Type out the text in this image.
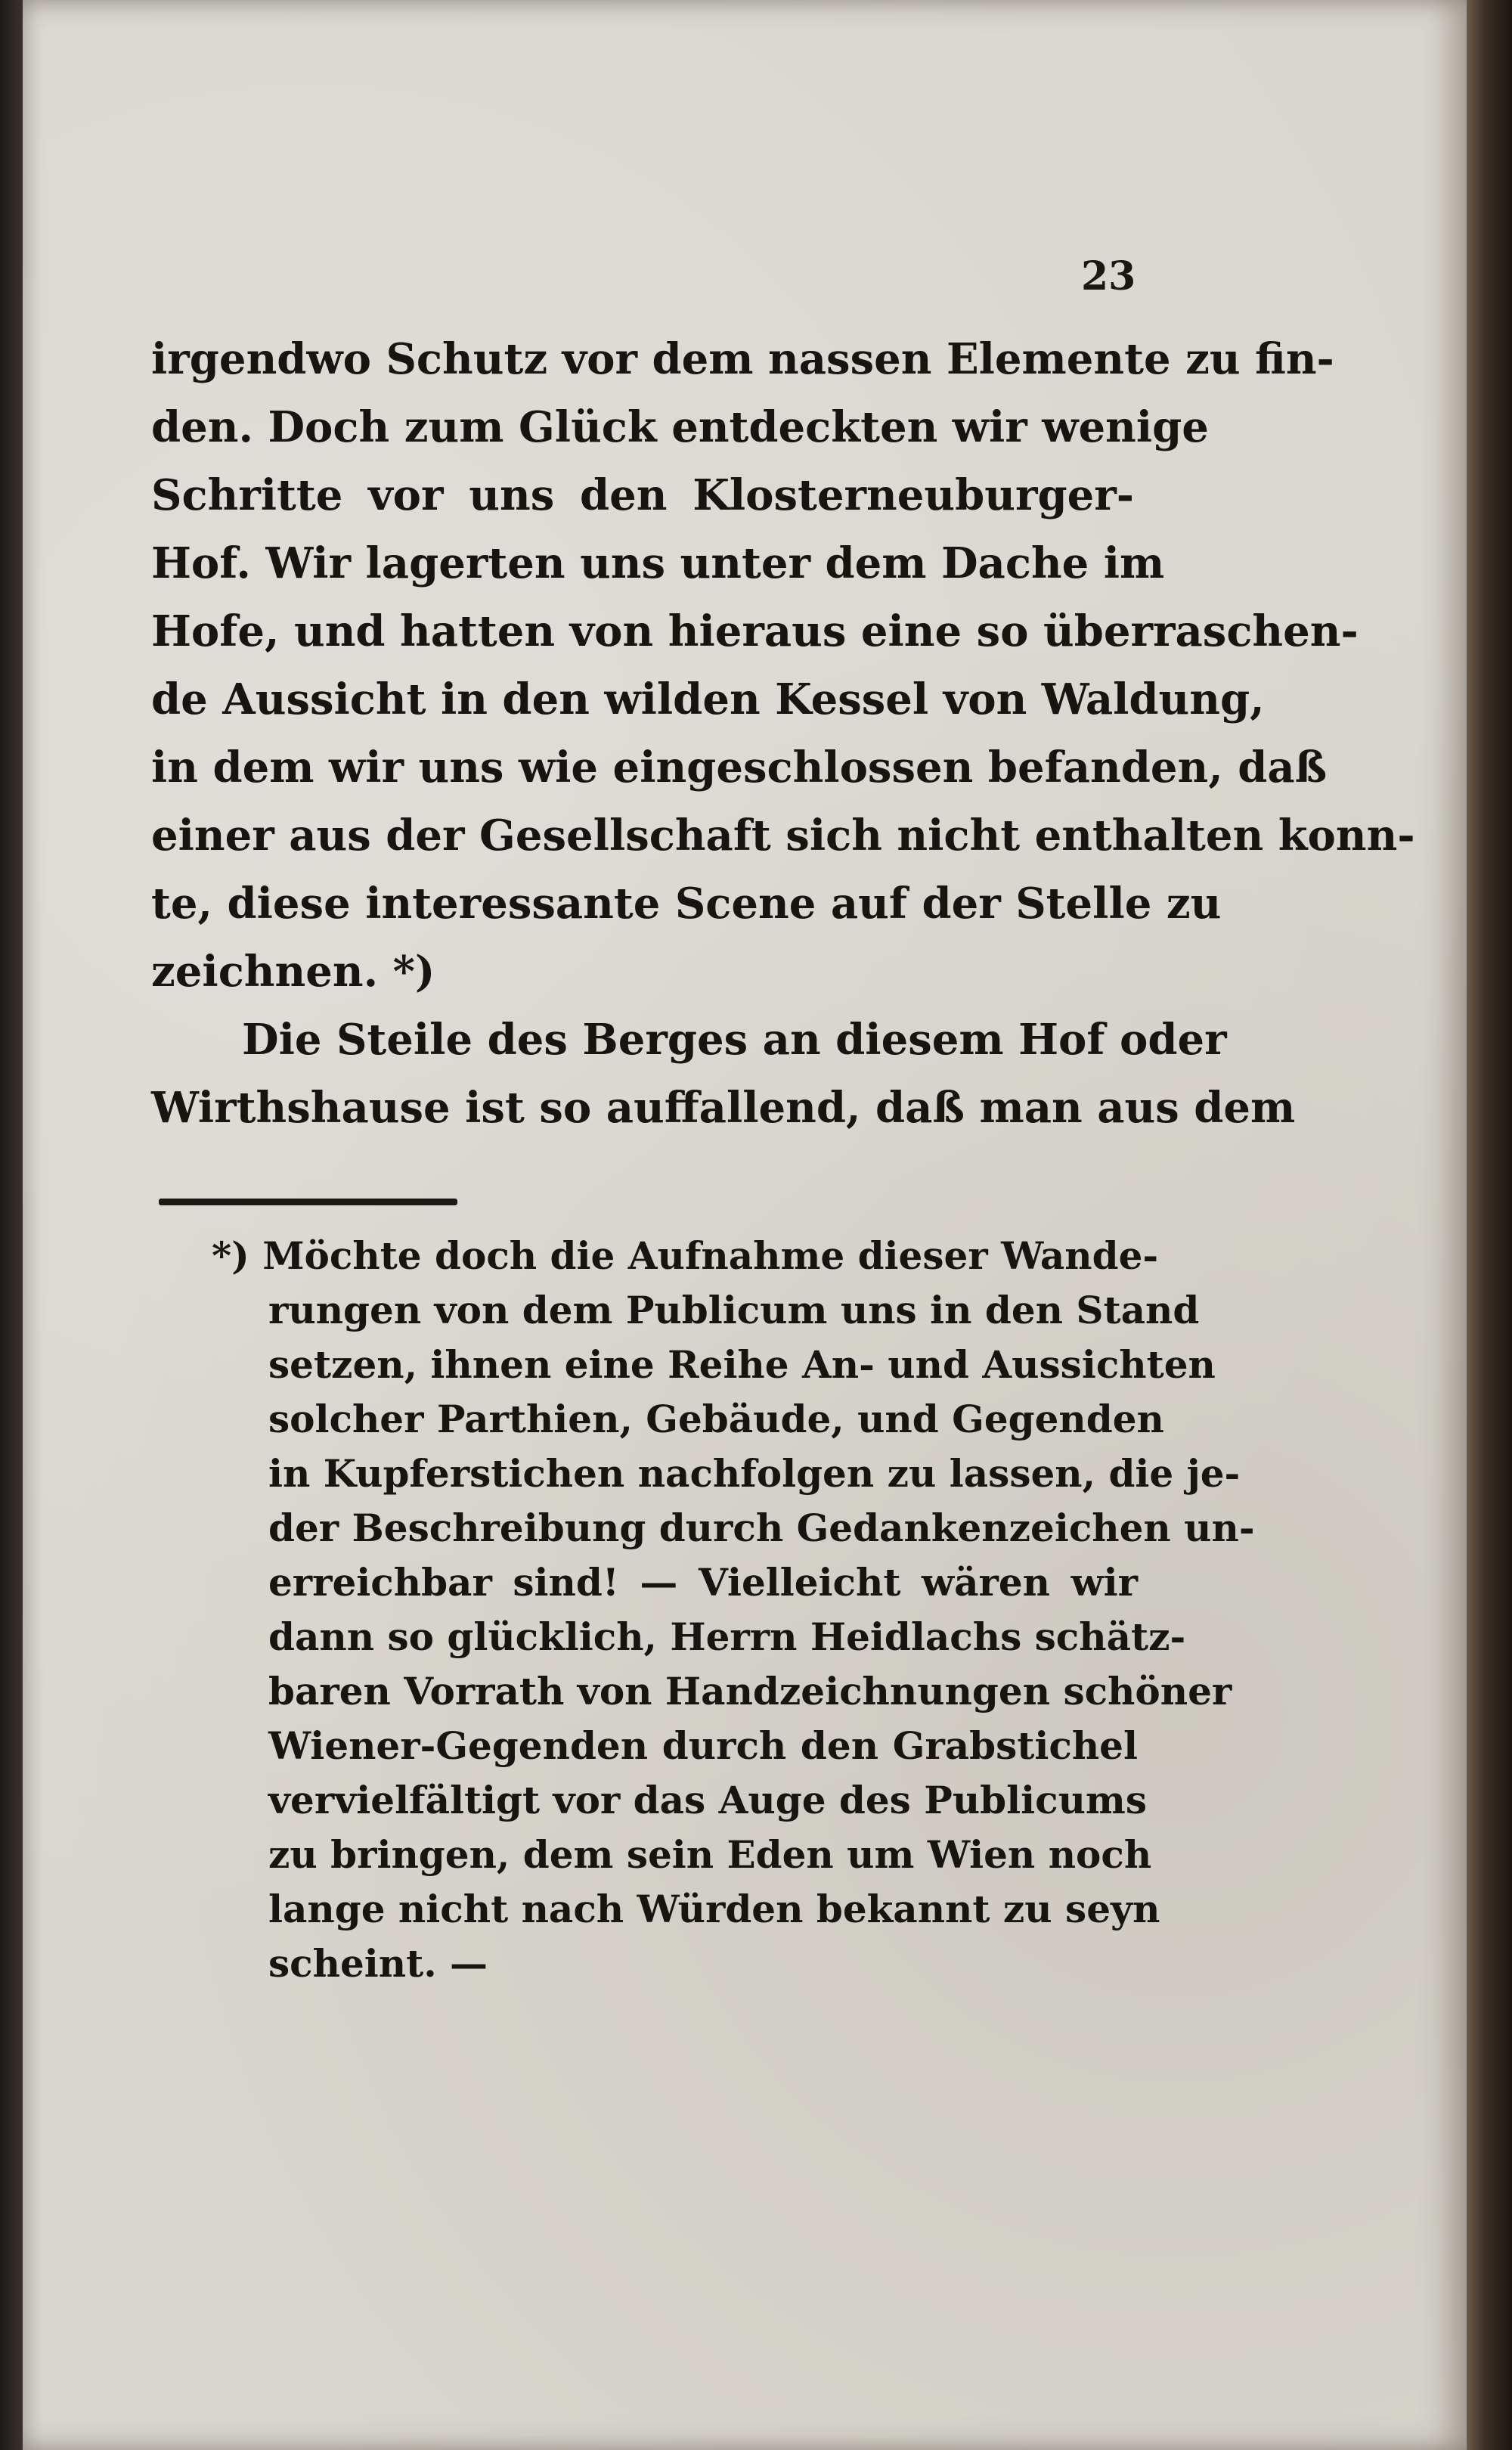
23
irgendwo Schutz vor dem nassen Elemente zu fin-
den. Doch zum Glück entdeckten wir wenige
Schritte vor uns den Klosterneuburger-
Hof. Wir lagerten uns unter dem Dache im
Hofe, und hatten von hieraus eine so überraschen-
de Aussicht in den wilden Kessel von Waldung,
in dem wir uns wie eingeschlossen befanden, daß
einer aus der Gesellschaft sich nicht enthalten konn-
te, diese interessante Scene auf der Stelle zu
zeichnen. *)
Die Steile des Berges an diesem Hof oder
Wirthshause ist so auffallend, daß man aus dem
*) Möchte doch die Aufnahme dieser Wande-
rungen von dem Publicum uns in den Stand
setzen, ihnen eine Reihe An- und Aussichten
solcher Parthien, Gebäude, und Gegenden
in Kupferstichen nachfolgen zu lassen, die je-
der Beschreibung durch Gedankenzeichen un-
erreichbar sind! — Vielleicht wären wir
dann so glücklich, Herrn Heidlachs schätz-
baren Vorrath von Handzeichnungen schöner
Wiener-Gegenden durch den Grabstichel
vervielfältigt vor das Auge des Publicums
zu bringen, dem sein Eden um Wien noch
lange nicht nach Würden bekannt zu seyn
scheint. —
